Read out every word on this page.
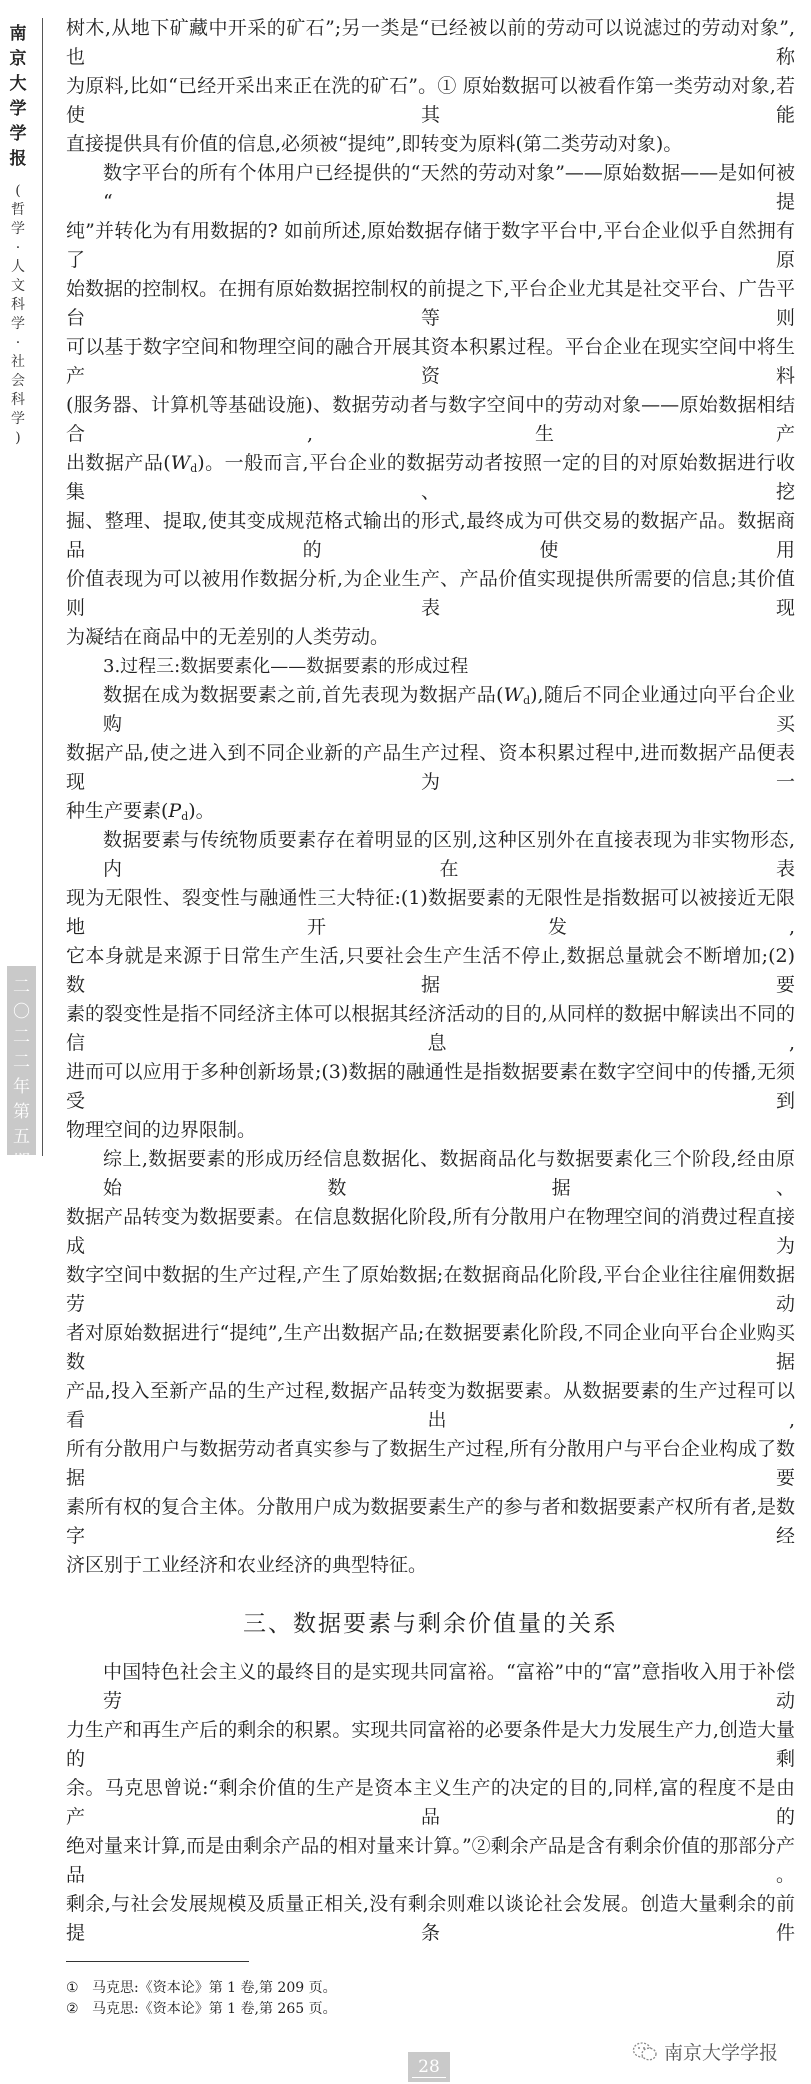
南
京
大
学
学
报
(
哲
学
·
人
文
科
学
·
社
会
科
学
)
二
〇
二
二
年
第
五
期
树木,从地下矿藏中开采的矿石”;另一类是“已经被以前的劳动可以说滤过的劳动对象”,也称
为原料,比如“已经开采出来正在洗的矿石”。① 原始数据可以被看作第一类劳动对象,若使其能
直接提供具有价值的信息,必须被“提纯”,即转变为原料(第二类劳动对象)。
数字平台的所有个体用户已经提供的“天然的劳动对象”——原始数据——是如何被“提
纯”并转化为有用数据的? 如前所述,原始数据存储于数字平台中,平台企业似乎自然拥有了原
始数据的控制权。在拥有原始数据控制权的前提之下,平台企业尤其是社交平台、广告平台等则
可以基于数字空间和物理空间的融合开展其资本积累过程。平台企业在现实空间中将生产资料
(服务器、计算机等基础设施)、数据劳动者与数字空间中的劳动对象——原始数据相结合,生产
出数据产品$(W_d)$。一般而言,平台企业的数据劳动者按照一定的目的对原始数据进行收集、挖
掘、整理、提取,使其变成规范格式输出的形式,最终成为可供交易的数据产品。数据商品的使用
价值表现为可以被用作数据分析,为企业生产、产品价值实现提供所需要的信息;其价值则表现
为凝结在商品中的无差别的人类劳动。
3.过程三:数据要素化——数据要素的形成过程
数据在成为数据要素之前,首先表现为数据产品$(W_d)$,随后不同企业通过向平台企业购买
数据产品,使之进入到不同企业新的产品生产过程、资本积累过程中,进而数据产品便表现为一
种生产要素$(P_d)$。
数据要素与传统物质要素存在着明显的区别,这种区别外在直接表现为非实物形态,内在表
现为无限性、裂变性与融通性三大特征:(1)数据要素的无限性是指数据可以被接近无限地开发,
它本身就是来源于日常生产生活,只要社会生产生活不停止,数据总量就会不断增加;(2)数据要
素的裂变性是指不同经济主体可以根据其经济活动的目的,从同样的数据中解读出不同的信息,
进而可以应用于多种创新场景;(3)数据的融通性是指数据要素在数字空间中的传播,无须受到
物理空间的边界限制。
综上,数据要素的形成历经信息数据化、数据商品化与数据要素化三个阶段,经由原始数据、
数据产品转变为数据要素。在信息数据化阶段,所有分散用户在物理空间的消费过程直接成为
数字空间中数据的生产过程,产生了原始数据;在数据商品化阶段,平台企业往往雇佣数据劳动
者对原始数据进行“提纯”,生产出数据产品;在数据要素化阶段,不同企业向平台企业购买数据
产品,投入至新产品的生产过程,数据产品转变为数据要素。从数据要素的生产过程可以看出,
所有分散用户与数据劳动者真实参与了数据生产过程,所有分散用户与平台企业构成了数据要
素所有权的复合主体。分散用户成为数据要素生产的参与者和数据要素产权所有者,是数字经
济区别于工业经济和农业经济的典型特征。
三、数据要素与剩余价值量的关系
中国特色社会主义的最终目的是实现共同富裕。“富裕”中的“富”意指收入用于补偿劳动
力生产和再生产后的剩余的积累。实现共同富裕的必要条件是大力发展生产力,创造大量的剩
余。马克思曾说:“剩余价值的生产是资本主义生产的决定的目的,同样,富的程度不是由产品的
绝对量来计算,而是由剩余产品的相对量来计算。”②剩余产品是含有剩余价值的那部分产品。
剩余,与社会发展规模及质量正相关,没有剩余则难以谈论社会发展。创造大量剩余的前提条件
① 马克思:《资本论》第 1 卷,第 209 页。
② 马克思:《资本论》第 1 卷,第 265 页。
28
南京大学学报
